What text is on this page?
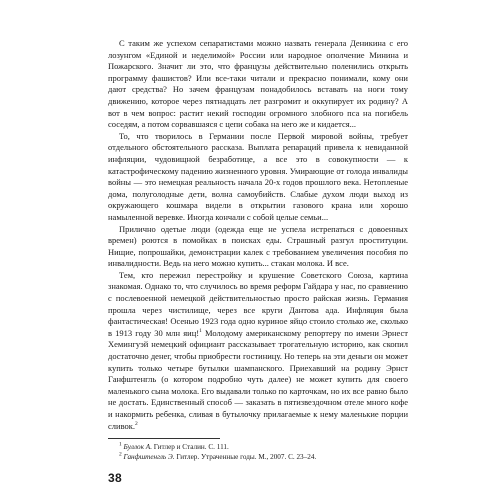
С таким же успехом сепаратистами можно назвать генерала Деникина с его лозунгом «Единой и неделимой» России или народное ополчение Минина и Пожарского. Значит ли это, что французы действительно поленились открыть программу фашистов? Или все-таки читали и прекрасно понимали, кому они дают средства? Но зачем французам понадобилось вставать на ноги тому движению, которое через пятнадцать лет разгромит и оккупирует их родину? А вот в чем вопрос: растит некий господин огромного злобного пса на погибель соседям, а потом сорвавшаяся с цепи собака на него же и кидается...

То, что творилось в Германии после Первой мировой войны, требует отдельного обстоятельного рассказа. Выплата репараций привела к невиданной инфляции, чудовищной безработице, а все это в совокупности — к катастрофическому падению жизненного уровня. Умирающие от голода инвалиды войны — это немецкая реальность начала 20-х годов прошлого века. Нетопленые дома, полуголодные дети, волна самоубийств. Слабые духом люди выход из окружающего кошмара видели в открытии газового крана или хорошо намыленной веревке. Иногда кончали с собой целые семьи...

Прилично одетые люди (одежда еще не успела истрепаться с довоенных времен) роются в помойках в поисках еды. Страшный разгул проституции. Нищие, попрошайки, демонстрации калек с требованием увеличения пособия по инвалидности. Ведь на него можно купить... стакан молока. И все.

Тем, кто пережил перестройку и крушение Советского Союза, картина знакомая. Однако то, что случилось во время реформ Гайдара у нас, по сравнению с послевоенной немецкой действительностью просто райская жизнь. Германия прошла через чистилище, через все круги Дантова ада. Инфляция была фантастическая! Осенью 1923 года одно куриное яйцо стоило столько же, сколько в 1913 году 30 млн яиц!$^1$ Молодому американскому репортеру по имени Эрнест Хемингуэй немецкий официант рассказывает трогательную историю, как скопил достаточно денег, чтобы приобрести гостиницу. Но теперь на эти деньги он может купить только четыре бутылки шампанского. Приехавший на родину Эрнст Ганфштенгль (о котором подробно чуть далее) не может купить для своего маленького сына молока. Его выдавали только по карточкам, но их все равно было не достать. Единственный способ — заказать в пятизвездочном отеле много кофе и накормить ребенка, сливая в бутылочку прилагаемые к нему маленькие порции сливок.$^2$

$^1$ Буллок А. Гитлер и Сталин. С. 111.

$^2$ Ганфштенгль Э. Гитлер. Утраченные годы. М., 2007. С. 23–24.

38
